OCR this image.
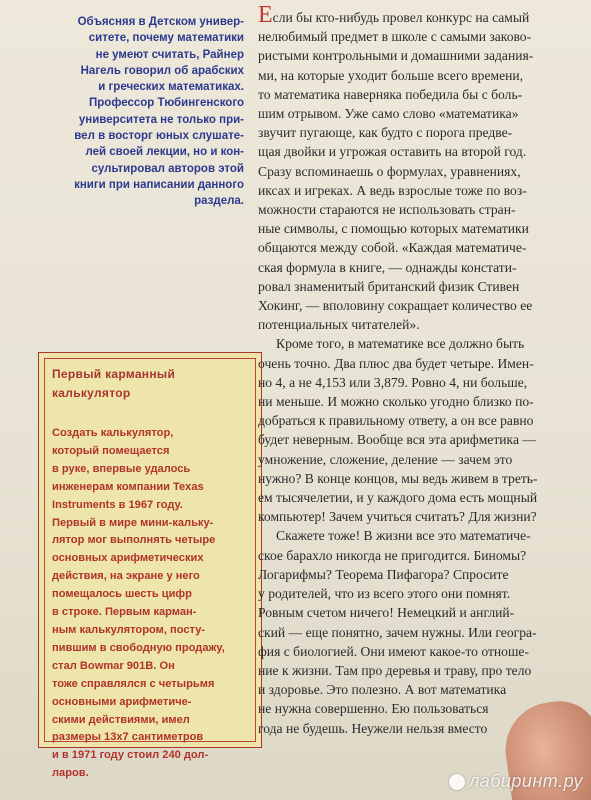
Объясняя в Детском универ-
ситете, почему математики
не умеют считать, Райнер
Нагель говорил об арабских
и греческих математиках.
Профессор Тюбингенского
университета не только при-
вел в восторг юных слушате-
лей своей лекции, но и кон-
сультировал авторов этой
книги при написании данного
раздела.
Первый карманный
калькулятор
Создать калькулятор,
который помещается
в руке, впервые удалось
инженерам компании Texas
Instruments в 1967 году.
Первый в мире мини-кальку-
лятор мог выполнять четыре
основных арифметических
действия, на экране у него
помещалось шесть цифр
в строке. Первым карман-
ным калькулятором, посту-
пившим в свободную продажу,
стал Bowmar 901B. Он
тоже справлялся с четырьмя
основными арифметиче-
скими действиями, имел
размеры 13х7 сантиметров
и в 1971 году стоил 240 дол-
ларов.
Если бы кто-нибудь провел конкурс на самый
нелюбимый предмет в школе с самыми заково-
ристыми контрольными и домашними задания-
ми, на которые уходит больше всего времени,
то математика наверняка победила бы с боль-
шим отрывом. Уже само слово «математика»
звучит пугающе, как будто с порога предве-
щая двойки и угрожая оставить на второй год.
Сразу вспоминаешь о формулах, уравнениях,
иксах и игреках. А ведь взрослые тоже по воз-
можности стараются не использовать стран-
ные символы, с помощью которых математики
общаются между собой. «Каждая математиче-
ская формула в книге, — однажды констати-
ровал знаменитый британский физик Стивен
Хокинг, — вполовину сокращает количество ее
потенциальных читателей».
Кроме того, в математике все должно быть
очень точно. Два плюс два будет четыре. Имен-
но 4, а не 4,153 или 3,879. Ровно 4, ни больше,
ни меньше. И можно сколько угодно близко по-
добраться к правильному ответу, а он все равно
будет неверным. Вообще вся эта арифметика —
умножение, сложение, деление — зачем это
нужно? В конце концов, мы ведь живем в треть-
ем тысячелетии, и у каждого дома есть мощный
компьютер! Зачем учиться считать? Для жизни?
Скажете тоже! В жизни все это математиче-
ское барахло никогда не пригодится. Биномы?
Логарифмы? Теорема Пифагора? Спросите
у родителей, что из всего этого они помнят.
Ровным счетом ничего! Немецкий и англий-
ский — еще понятно, зачем нужны. Или геогра-
фия с биологией. Они имеют какое-то отноше-
ние к жизни. Там про деревья и траву, про тело
и здоровье. Это полезно. А вот математика
не нужна совершенно. Ею пользоваться
года не будешь. Неужели нельзя вместо
лабиринт.ру
